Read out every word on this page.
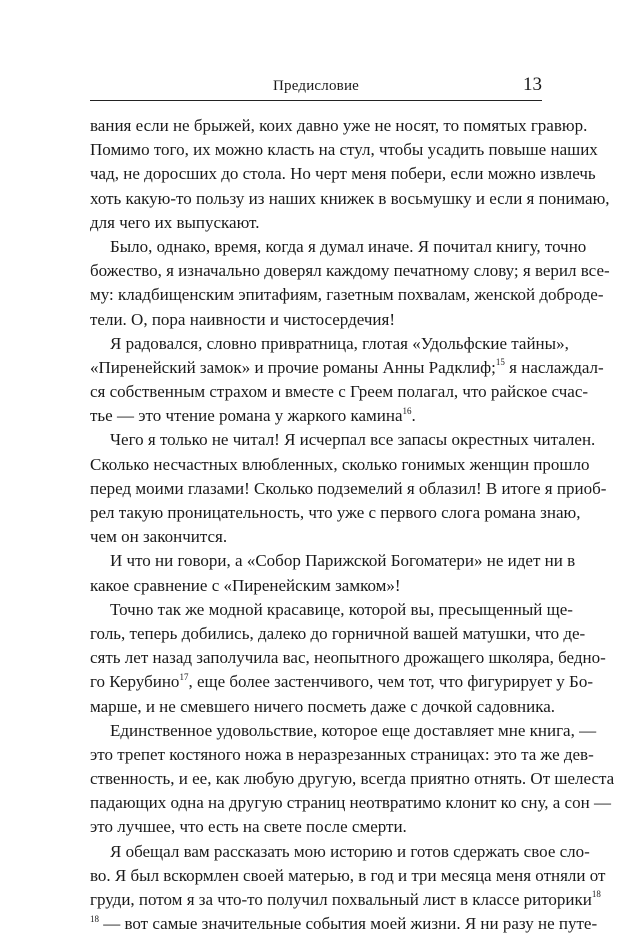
Предисловие	13
вания если не брыжей, коих давно уже не носят, то помятых гравюр.
Помимо того, их можно класть на стул, чтобы усадить повыше наших
чад, не доросших до стола. Но черт меня побери, если можно извлечь
хоть какую-то пользу из наших книжек в восьмушку и если я понимаю,
для чего их выпускают.
Было, однако, время, когда я думал иначе. Я почитал книгу, точно
божество, я изначально доверял каждому печатному слову; я верил все-
му: кладбищенским эпитафиям, газетным похвалам, женской доброде-
тели. О, пора наивности и чистосердечия!
Я радовался, словно привратница, глотая «Удольфские тайны»,
«Пиренейский замок» и прочие романы Анны Радклиф;$^{15}$ я наслаждал-
ся собственным страхом и вместе с Греем полагал, что райское счас-
тье — это чтение романа у жаркого камина$^{16}$.
Чего я только не читал! Я исчерпал все запасы окрестных читален.
Сколько несчастных влюбленных, сколько гонимых женщин прошло
перед моими глазами! Сколько подземелий я облазил! В итоге я приоб-
рел такую проницательность, что уже с первого слога романа знаю,
чем он закончится.
И что ни говори, а «Собор Парижской Богоматери» не идет ни в
какое сравнение с «Пиренейским замком»!
Точно так же модной красавице, которой вы, пресыщенный ще-
голь, теперь добились, далеко до горничной вашей матушки, что де-
сять лет назад заполучила вас, неопытного дрожащего школяра, бедно-
го Керубино$^{17}$, еще более застенчивого, чем тот, что фигурирует у Бо-
марше, и не смевшего ничего посметь даже с дочкой садовника.
Единственное удовольствие, которое еще доставляет мне книга, —
это трепет костяного ножа в неразрезанных страницах: это та же дев-
ственность, и ее, как любую другую, всегда приятно отнять. От шелеста
падающих одна на другую страниц неотвратимо клонит ко сну, а сон —
это лучшее, что есть на свете после смерти.
Я обещал вам рассказать мою историю и готов сдержать свое сло-
во. Я был вскормлен своей матерью, в год и три месяца меня отняли от
груди, потом я за что-то получил похвальный лист в классе риторики$^{18}$
$^{18}$ — вот самые значительные события моей жизни. Я ни разу не путе-
